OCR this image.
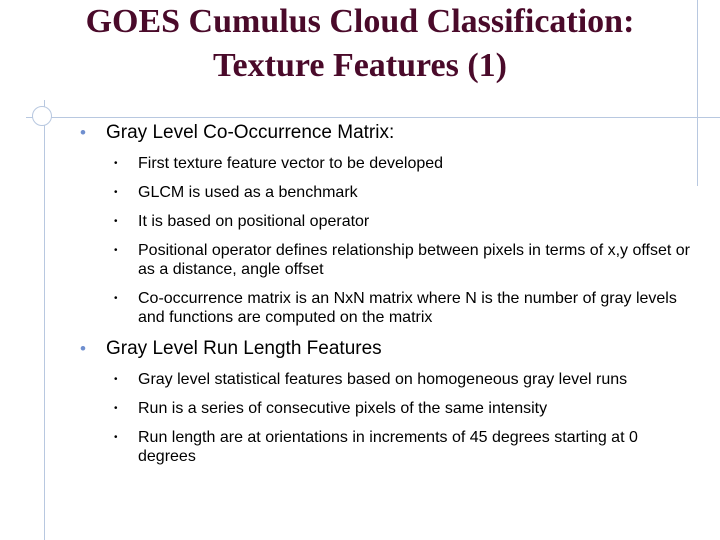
GOES Cumulus Cloud Classification:
Texture Features (1)
• Gray Level Co-Occurrence Matrix:
• First texture feature vector to be developed
• GLCM is used as a benchmark
• It is based on positional operator
• Positional operator defines relationship between pixels in terms of x,y offset or as a distance, angle offset
• Co-occurrence matrix is an NxN matrix where N is the number of gray levels and functions are computed on the matrix
• Gray Level Run Length Features
• Gray level statistical features based on homogeneous gray level runs
• Run is a series of consecutive pixels of the same intensity
• Run length are at orientations in increments of 45 degrees starting at 0 degrees
